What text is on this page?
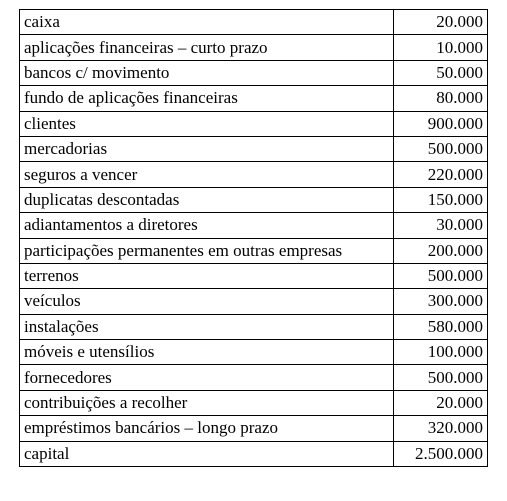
caixa	20.000
aplicações financeiras – curto prazo	10.000
bancos c/ movimento	50.000
fundo de aplicações financeiras	80.000
clientes	900.000
mercadorias	500.000
seguros a vencer	220.000
duplicatas descontadas	150.000
adiantamentos a diretores	30.000
participações permanentes em outras empresas	200.000
terrenos	500.000
veículos	300.000
instalações	580.000
móveis e utensílios	100.000
fornecedores	500.000
contribuições a recolher	20.000
empréstimos bancários – longo prazo	320.000
capital	2.500.000
